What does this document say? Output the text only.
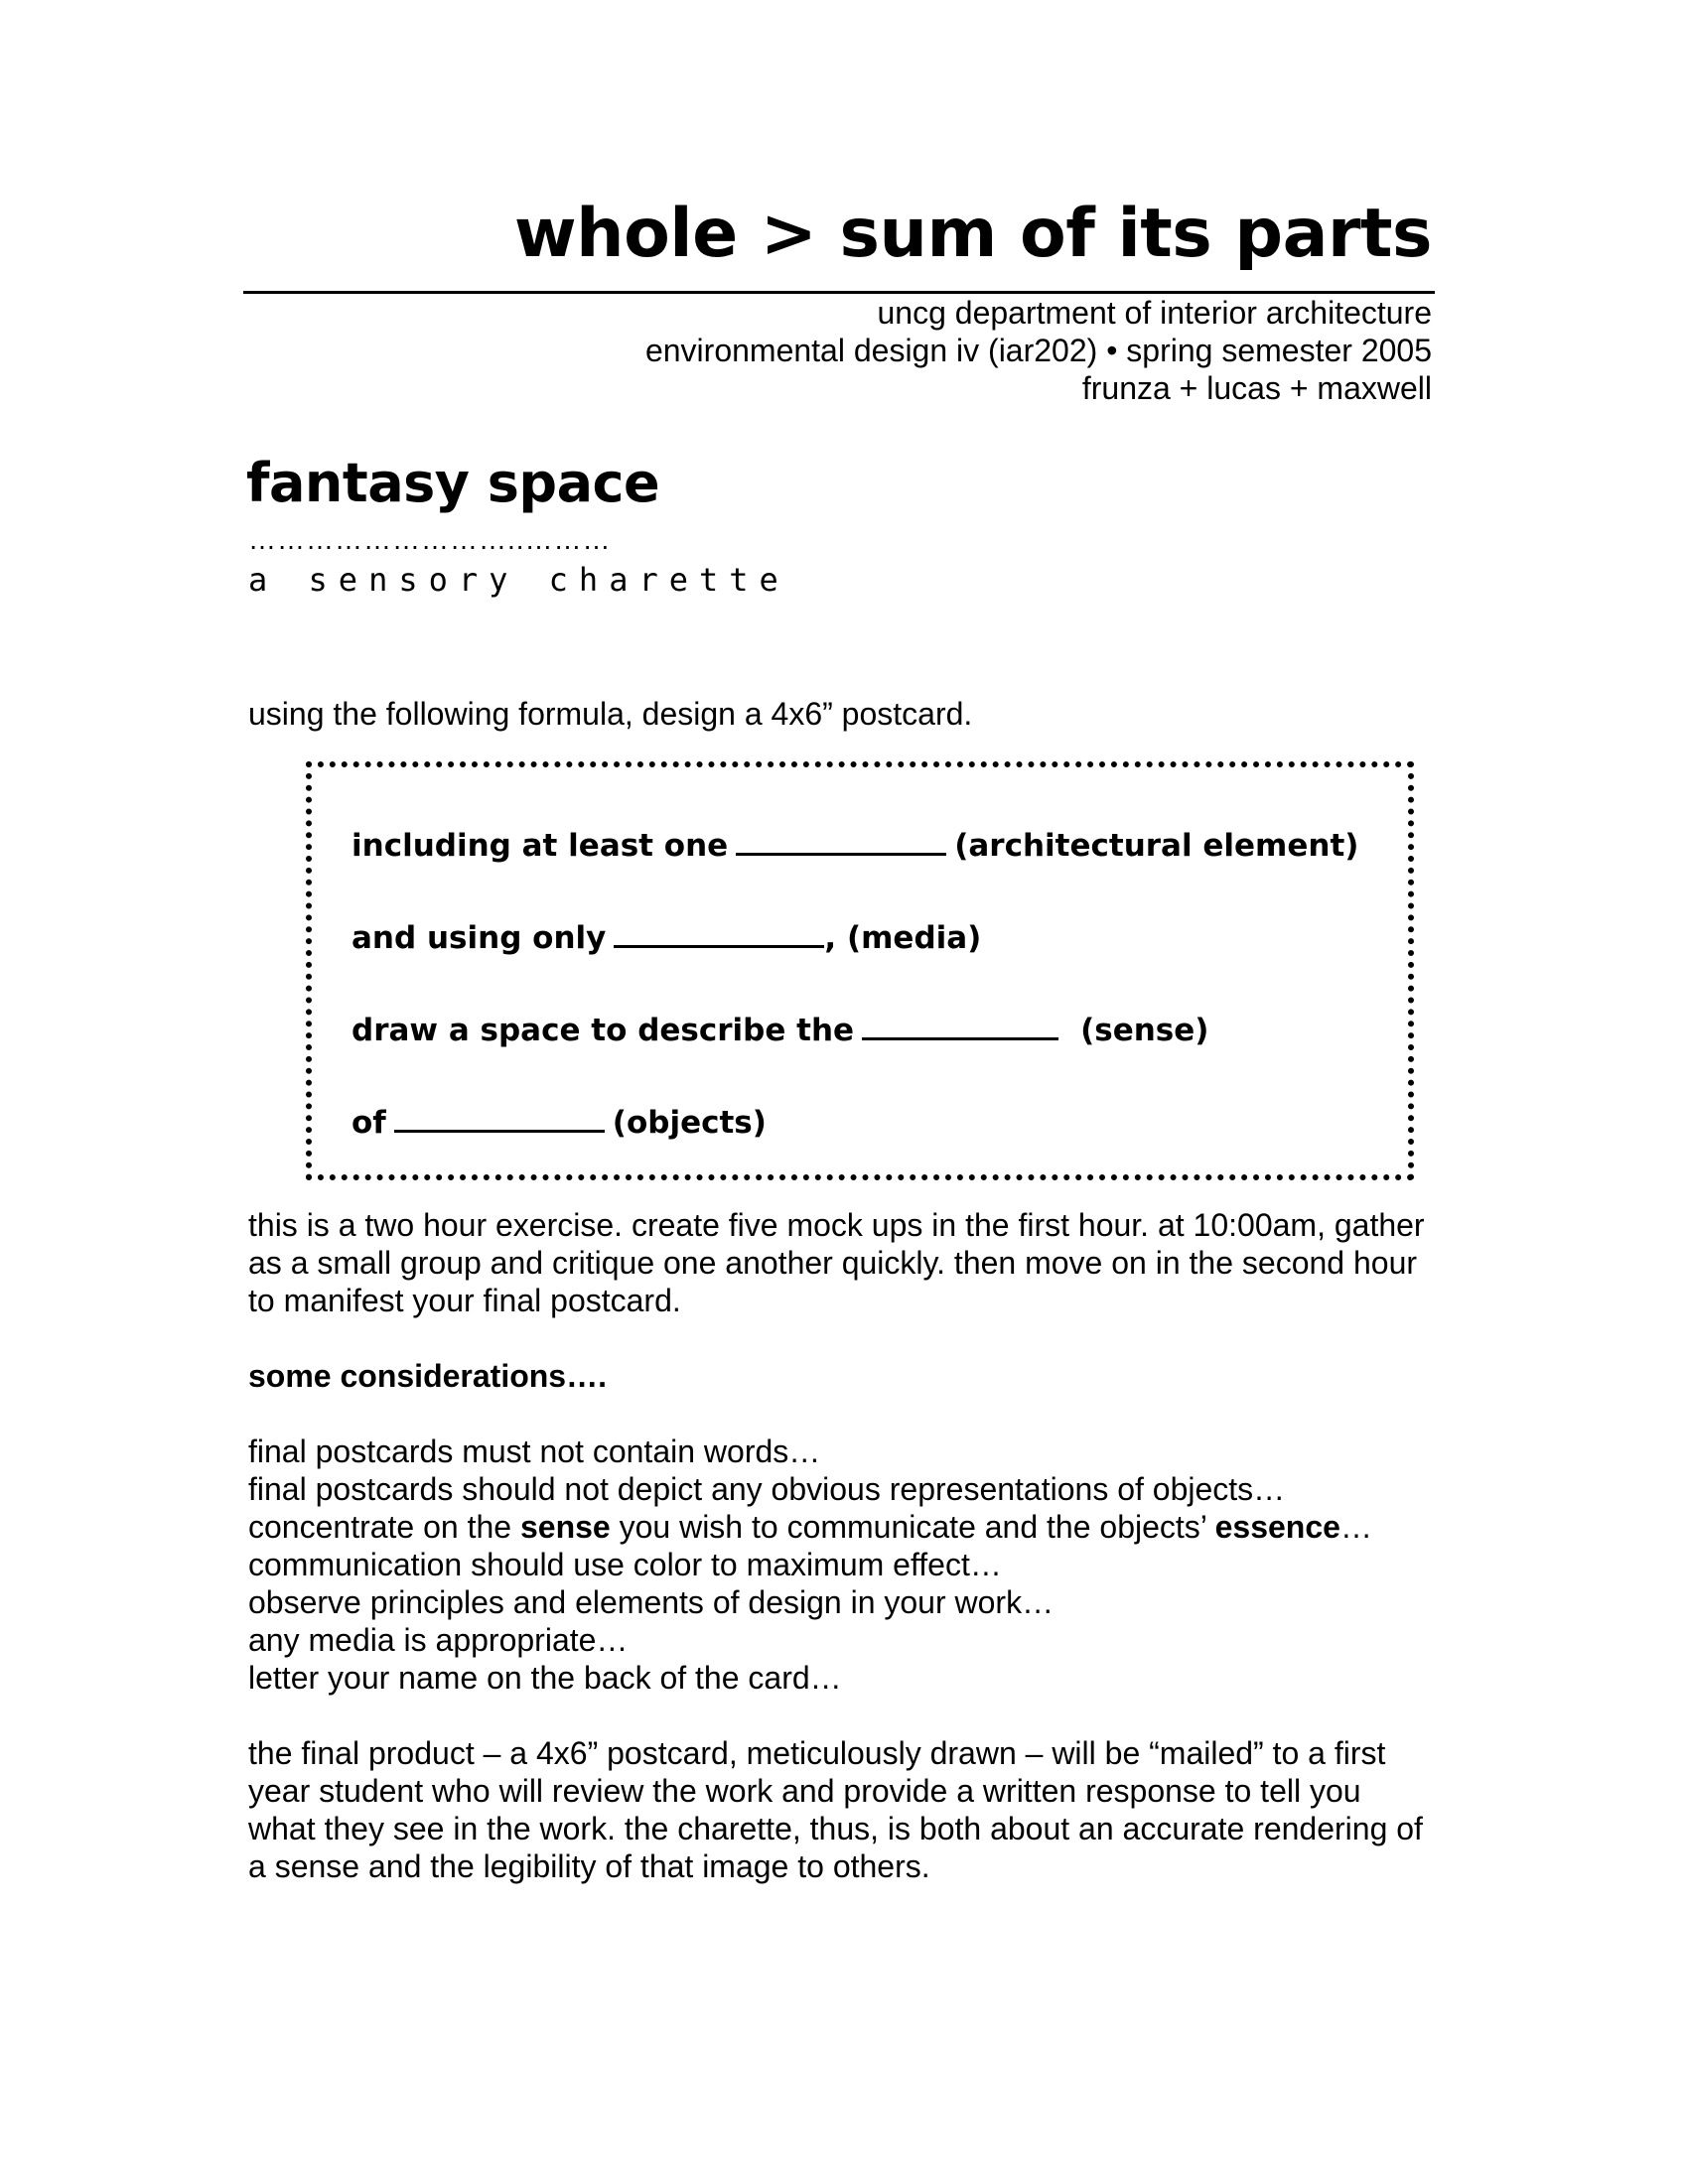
whole > sum of its parts
uncg department of interior architecture
environmental design iv (iar202) • spring semester 2005
frunza + lucas + maxwell
fantasy space
………………………..………
a sensory charette
using the following formula, design a 4x6” postcard.
including at least one	(architectural element)
and using only	, (media)
draw a space to describe the	(sense)
of	(objects)
this is a two hour exercise. create five mock ups in the first hour. at 10:00am, gather as a small group and critique one another quickly. then move on in the second hour to manifest your final postcard.
some considerations….
final postcards must not contain words…
final postcards should not depict any obvious representations of objects…
concentrate on the sense you wish to communicate and the objects’ essence…
communication should use color to maximum effect…
observe principles and elements of design in your work…
any media is appropriate…
letter your name on the back of the card…
the final product – a 4x6” postcard, meticulously drawn – will be “mailed” to a first year student who will review the work and provide a written response to tell you what they see in the work. the charette, thus, is both about an accurate rendering of a sense and the legibility of that image to others.
